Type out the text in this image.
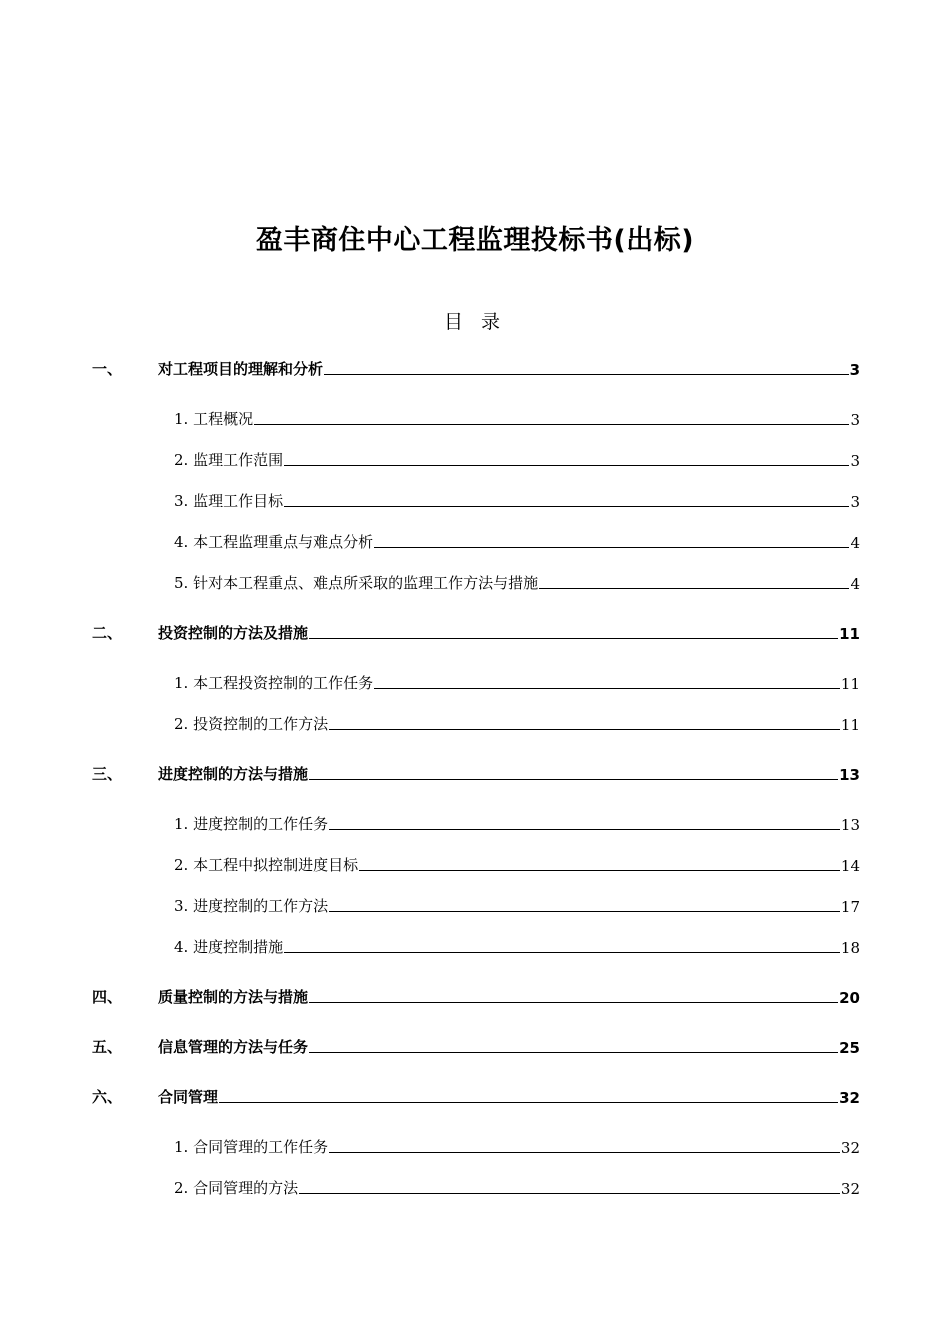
盈丰商住中心工程监理投标书(出标)
目 录
一、	对工程项目的理解和分析	3
1. 工程概况	3
2. 监理工作范围	3
3. 监理工作目标	3
4. 本工程监理重点与难点分析	4
5. 针对本工程重点、难点所采取的监理工作方法与措施	4
二、	投资控制的方法及措施	11
1. 本工程投资控制的工作任务	11
2. 投资控制的工作方法	11
三、	进度控制的方法与措施	13
1. 进度控制的工作任务	13
2. 本工程中拟控制进度目标	14
3. 进度控制的工作方法	17
4. 进度控制措施	18
四、	质量控制的方法与措施	20
五、	信息管理的方法与任务	25
六、	合同管理	32
1. 合同管理的工作任务	32
2. 合同管理的方法	32
